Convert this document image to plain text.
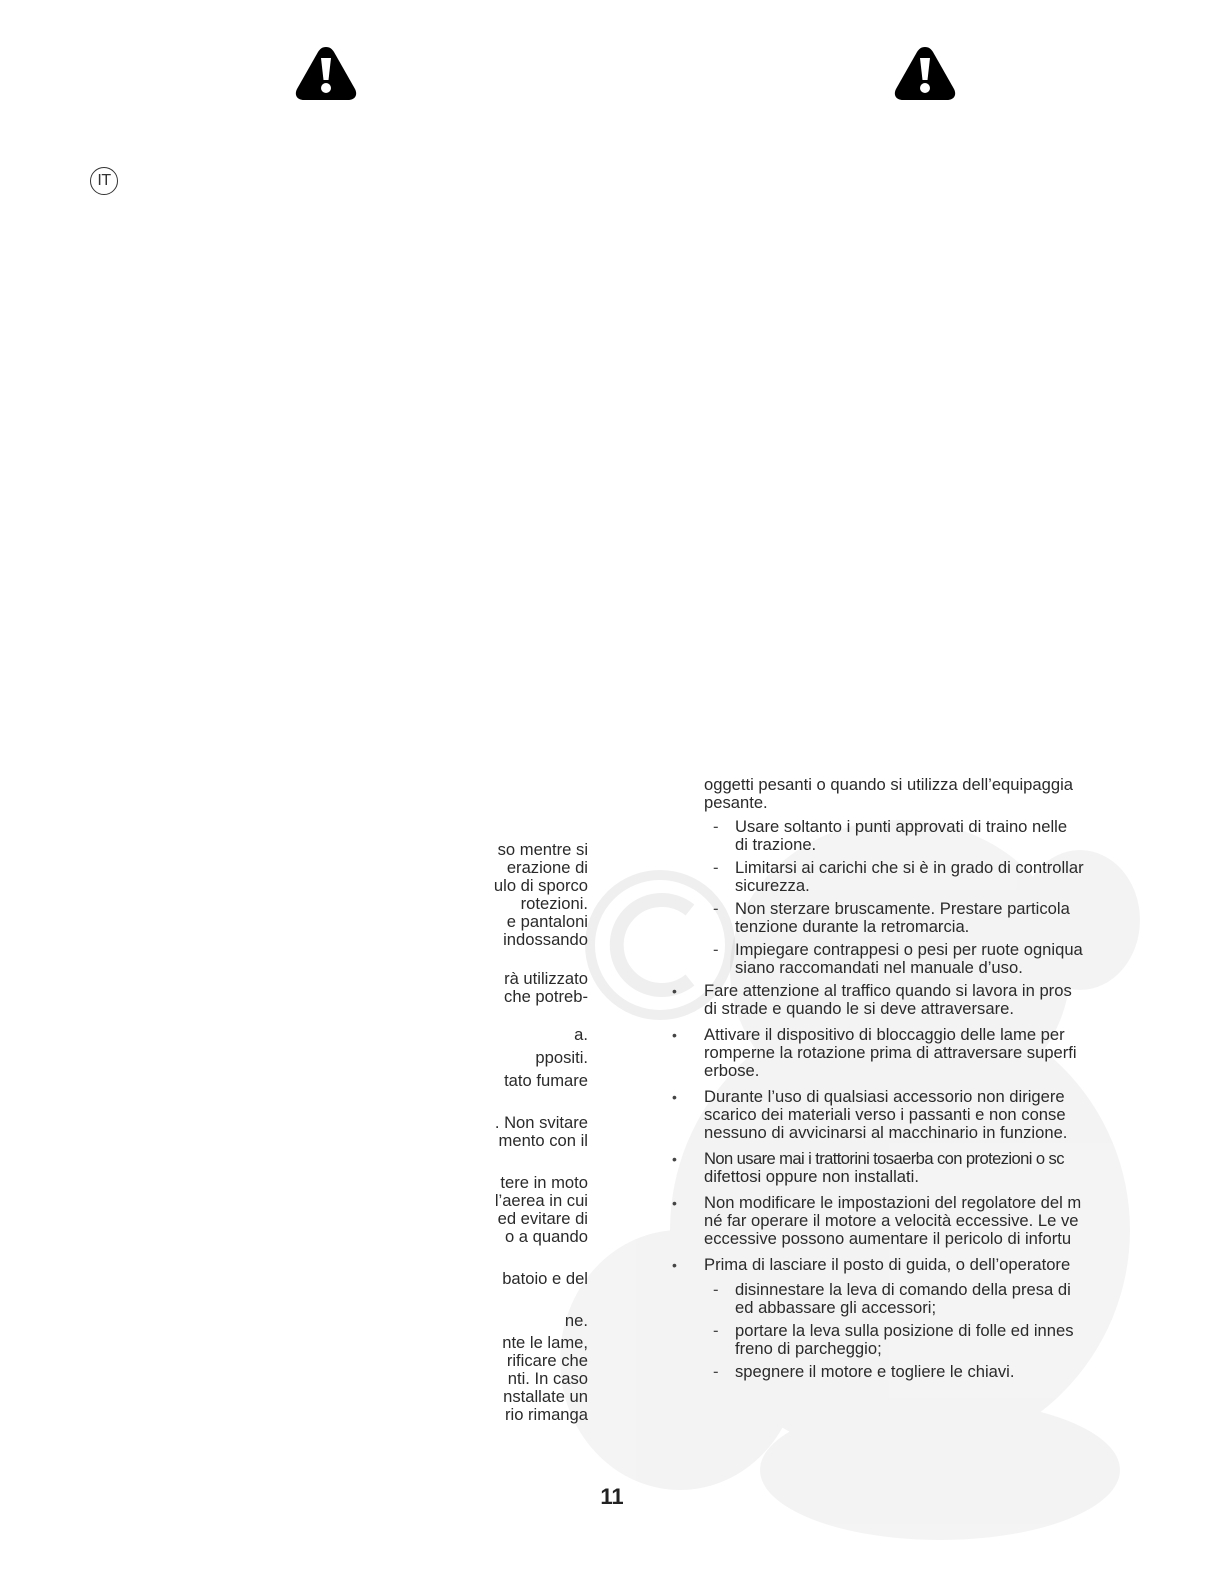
IT
so mentre si
erazione di
ulo di sporco
rotezioni.
e pantaloni
indossando
rà utilizzato
che potreb-
a.
ppositi.
tato fumare
. Non svitare
mento con il
tere in moto
l’aerea in cui
ed evitare di
o a quando
batoio e del
ne.
nte le lame,
rificare che
nti. In caso
nstallate un
rio rimanga
oggetti pesanti o quando si utilizza dell’equipaggia
pesante.
- Usare soltanto i punti approvati di traino nelle
di trazione.
- Limitarsi ai carichi che si è in grado di controllar
sicurezza.
- Non sterzare bruscamente. Prestare particola
tenzione durante la retromarcia.
- Impiegare contrappesi o pesi per ruote ogniqua
siano raccomandati nel manuale d’uso.
• Fare attenzione al traffico quando si lavora in pros
di strade e quando le si deve attraversare.
• Attivare il dispositivo di bloccaggio delle lame per
romperne la rotazione prima di attraversare superfi
erbose.
• Durante l’uso di qualsiasi accessorio non dirigere
scarico dei materiali verso i passanti e non conse
nessuno di avvicinarsi al macchinario in funzione.
• Non usare mai i trattorini tosaerba con protezioni o sc
difettosi oppure non installati.
• Non modificare le impostazioni del regolatore del m
né far operare il motore a velocità eccessive. Le ve
eccessive possono aumentare il pericolo di infortu
• Prima di lasciare il posto di guida, o dell’operatore
- disinnestare la leva di comando della presa di
ed abbassare gli accessori;
- portare la leva sulla posizione di folle ed innes
freno di parcheggio;
- spegnere il motore e togliere le chiavi.
11
